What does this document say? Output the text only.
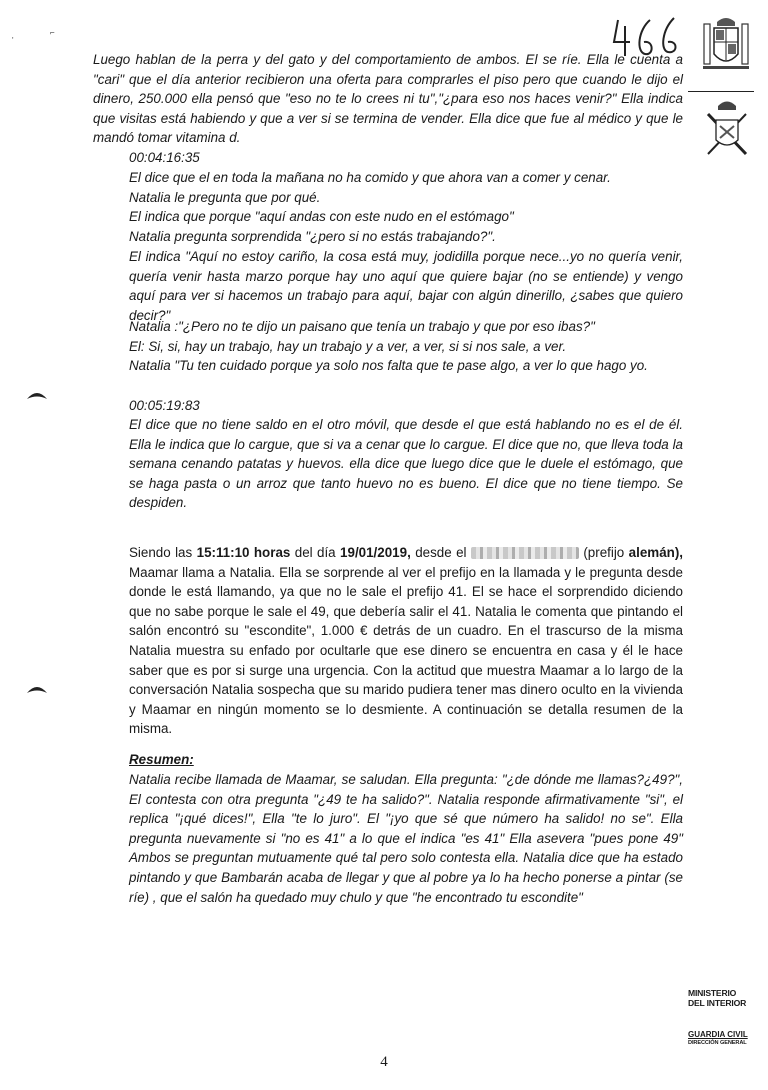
'
⌐

Luego hablan de la perra y del gato y del comportamiento de ambos. El se ríe. Ella le cuenta a "cari" que el día anterior recibieron una oferta para comprarles el piso pero que cuando le dijo el dinero, 250.000 ella pensó que "eso no te lo crees ni tu","¿para eso nos haces venir?" Ella indica que visitas está habiendo y que a ver si se termina de vender. Ella dice que fue al médico y que le mandó tomar vitamina d.

00:04:16:35

El dice que el en toda la mañana no ha comido y que ahora van a comer y cenar.

Natalia le pregunta que por qué.

El indica que porque "aquí andas con este nudo en el estómago"

Natalia pregunta sorprendida "¿pero si no estás trabajando?".

El indica "Aquí no estoy cariño, la cosa está muy, jodidilla porque nece...yo no quería venir, quería venir hasta marzo porque hay uno aquí que quiere bajar (no se entiende) y vengo aquí para ver si hacemos un trabajo para aquí, bajar con algún dinerillo, ¿sabes que quiero decir?"

Natalia :"¿Pero no te dijo un paisano que tenía un trabajo y que por eso ibas?"

El: Si, si, hay un trabajo, hay un trabajo y a ver, a ver, si si nos sale, a ver.

Natalia "Tu ten cuidado porque ya solo nos falta que te pase algo, a ver lo que hago yo.

00:05:19:83

El dice que no tiene saldo en el otro móvil, que desde el que está hablando no es el de él. Ella le indica que lo cargue, que si va a cenar que lo cargue. El dice que no, que lleva toda la semana cenando patatas y huevos. ella dice que luego dice que le duele el estómago, que se haga pasta o un arroz que tanto huevo no es bueno. El dice que no tiene tiempo. Se despiden.

Siendo las 15:11:10 horas del día 19/01/2019, desde el	(prefijo alemán), Maamar llama a Natalia. Ella se sorprende al ver el prefijo en la llamada y le pregunta desde donde le está llamando, ya que no le sale el prefijo 41. El se hace el sorprendido diciendo que no sabe porque le sale el 49, que debería salir el 41. Natalia le comenta que pintando el salón encontró su "escondite", 1.000 € detrás de un cuadro. En el trascurso de la misma Natalia muestra su enfado por ocultarle que ese dinero se encuentra en casa y él le hace saber que es por si surge una urgencia. Con la actitud que muestra Maamar a lo largo de la conversación Natalia sospecha que su marido pudiera tener mas dinero oculto en la vivienda y Maamar en ningún momento se lo desmiente. A continuación se detalla resumen de la misma.

Resumen:

Natalia recibe llamada de Maamar, se saludan. Ella pregunta: "¿de dónde me llamas?¿49?", El contesta con otra pregunta "¿49 te ha salido?". Natalia responde afirmativamente "si", el replica "¡qué dices!", Ella "te lo juro". El "¡yo que sé que número ha salido! no se". Ella pregunta nuevamente si "no es 41" a lo que el indica "es 41" Ella asevera "pues pone 49" Ambos se preguntan mutuamente qué tal pero solo contesta ella. Natalia dice que ha estado pintando y que Bambarán acaba de llegar y que al pobre ya lo ha hecho ponerse a pintar (se ríe) , que el salón ha quedado muy chulo y que "he encontrado tu escondite"

MINISTERIO
DEL INTERIOR
GUARDIA CIVIL
DIRECCIÓN GENERAL
4
